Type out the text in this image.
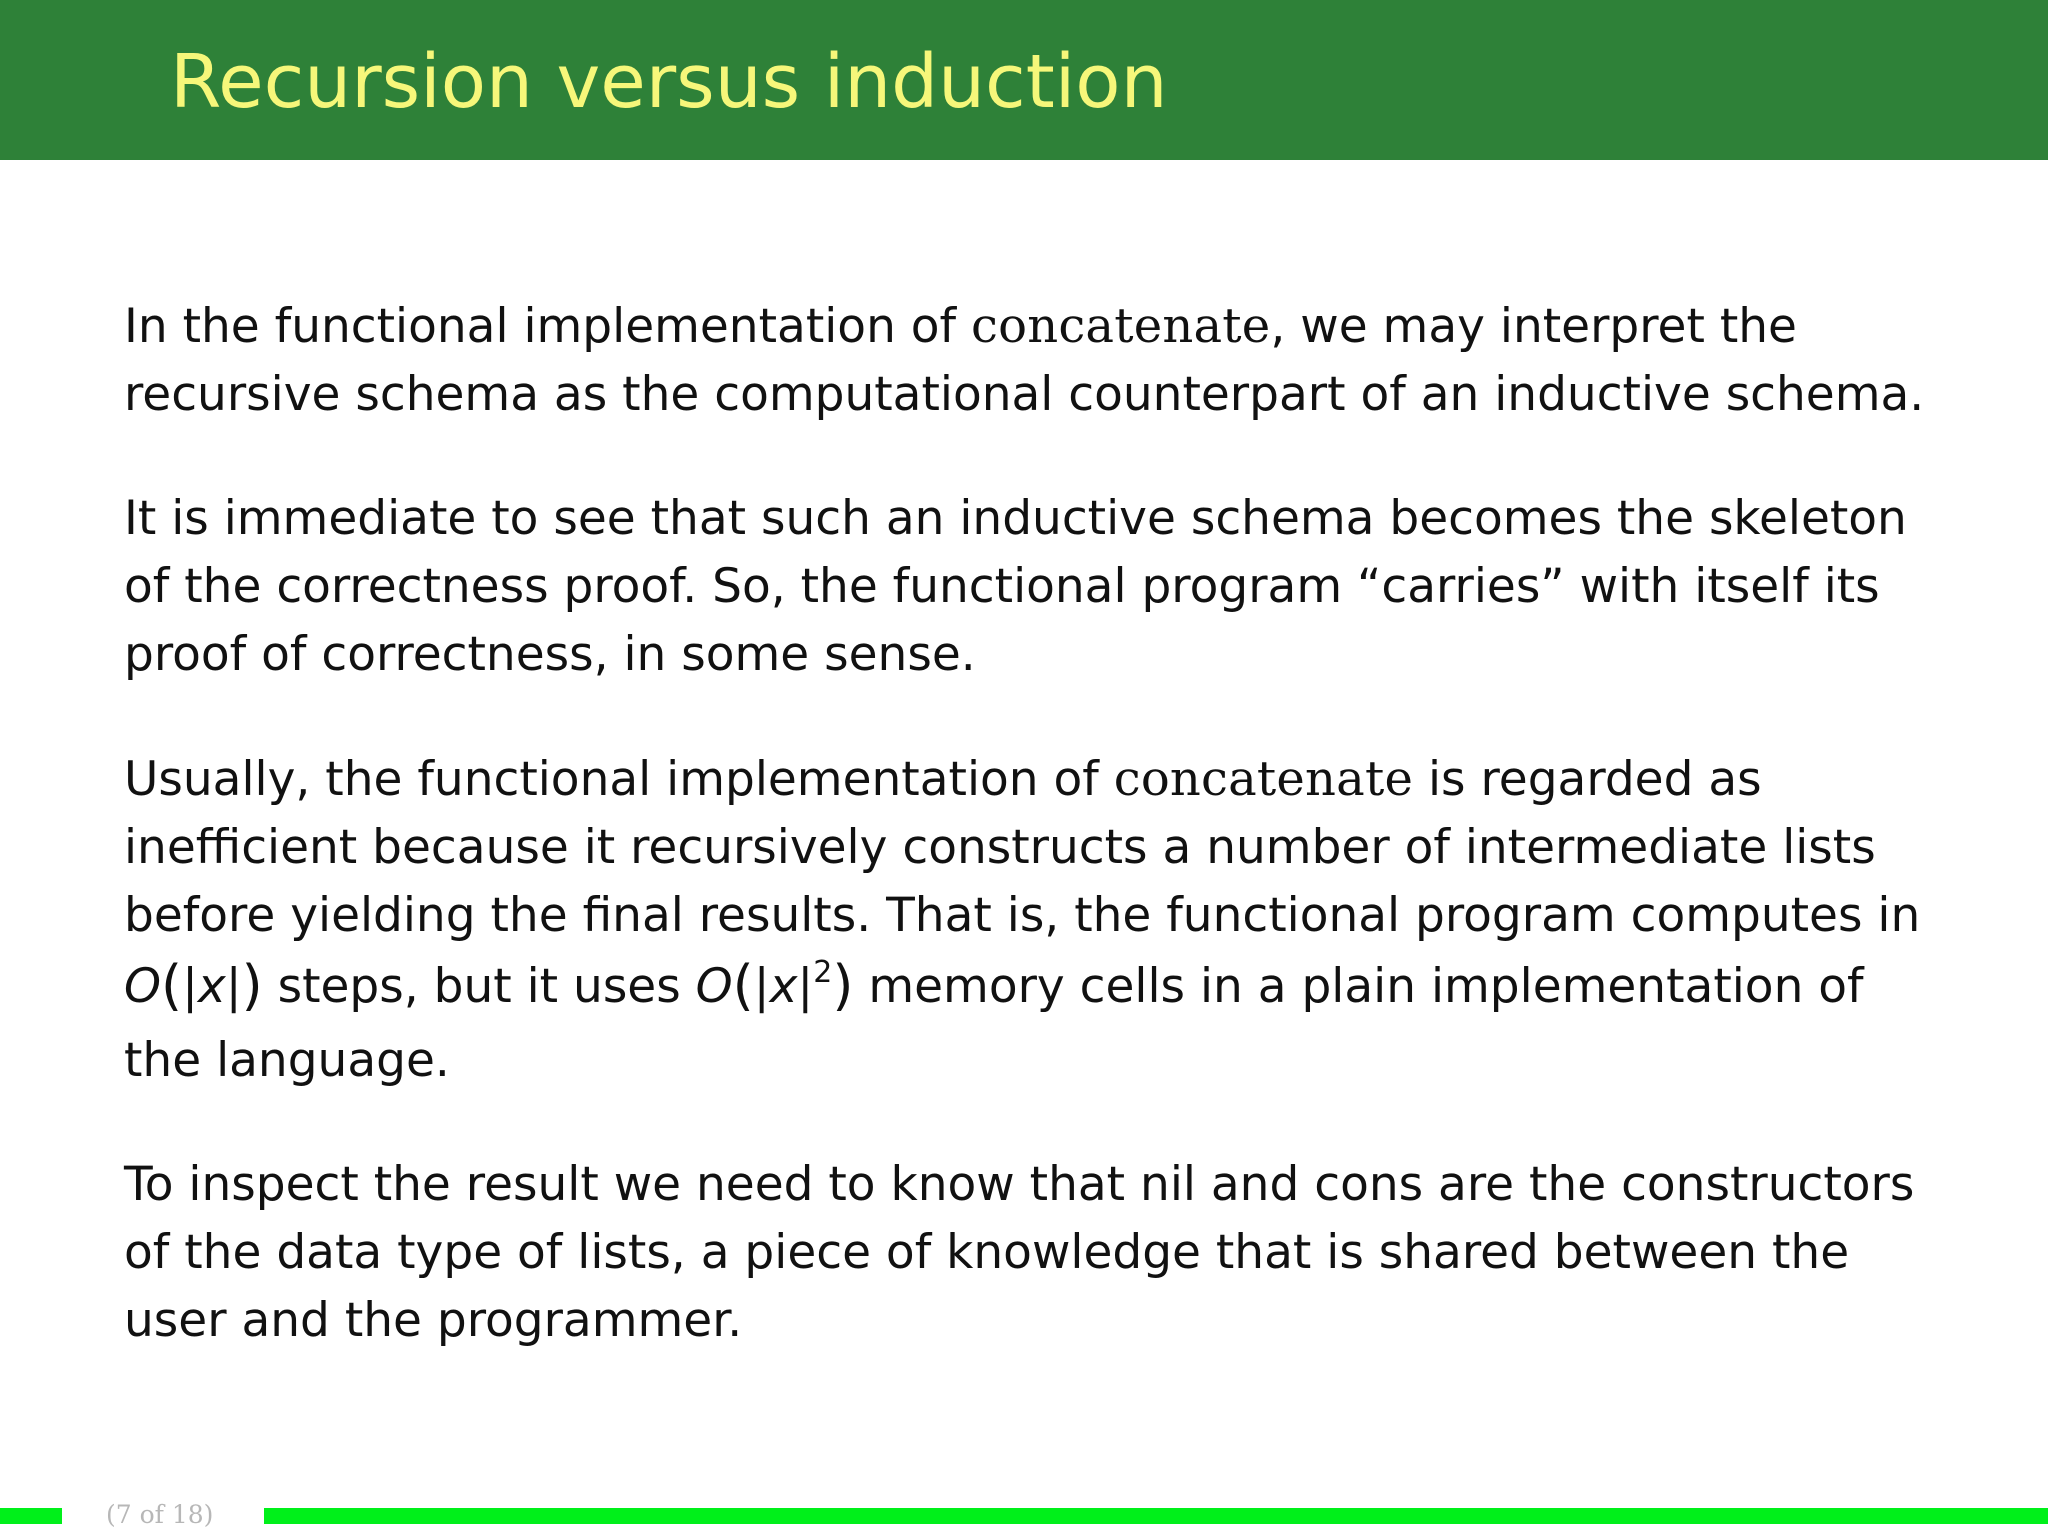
Recursion versus induction

In the functional implementation of concatenate, we may interpret the recursive schema as the computational counterpart of an inductive schema.

It is immediate to see that such an inductive schema becomes the skeleton of the correctness proof. So, the functional program “carries” with itself its proof of correctness, in some sense.

Usually, the functional implementation of concatenate is regarded as inefficient because it recursively constructs a number of intermediate lists before yielding the final results. That is, the functional program computes in O(|x|) steps, but it uses $O(|x|^2)$ memory cells in a plain implementation of the language.

To inspect the result we need to know that nil and cons are the constructors of the data type of lists, a piece of knowledge that is shared between the user and the programmer.

(7 of 18)
